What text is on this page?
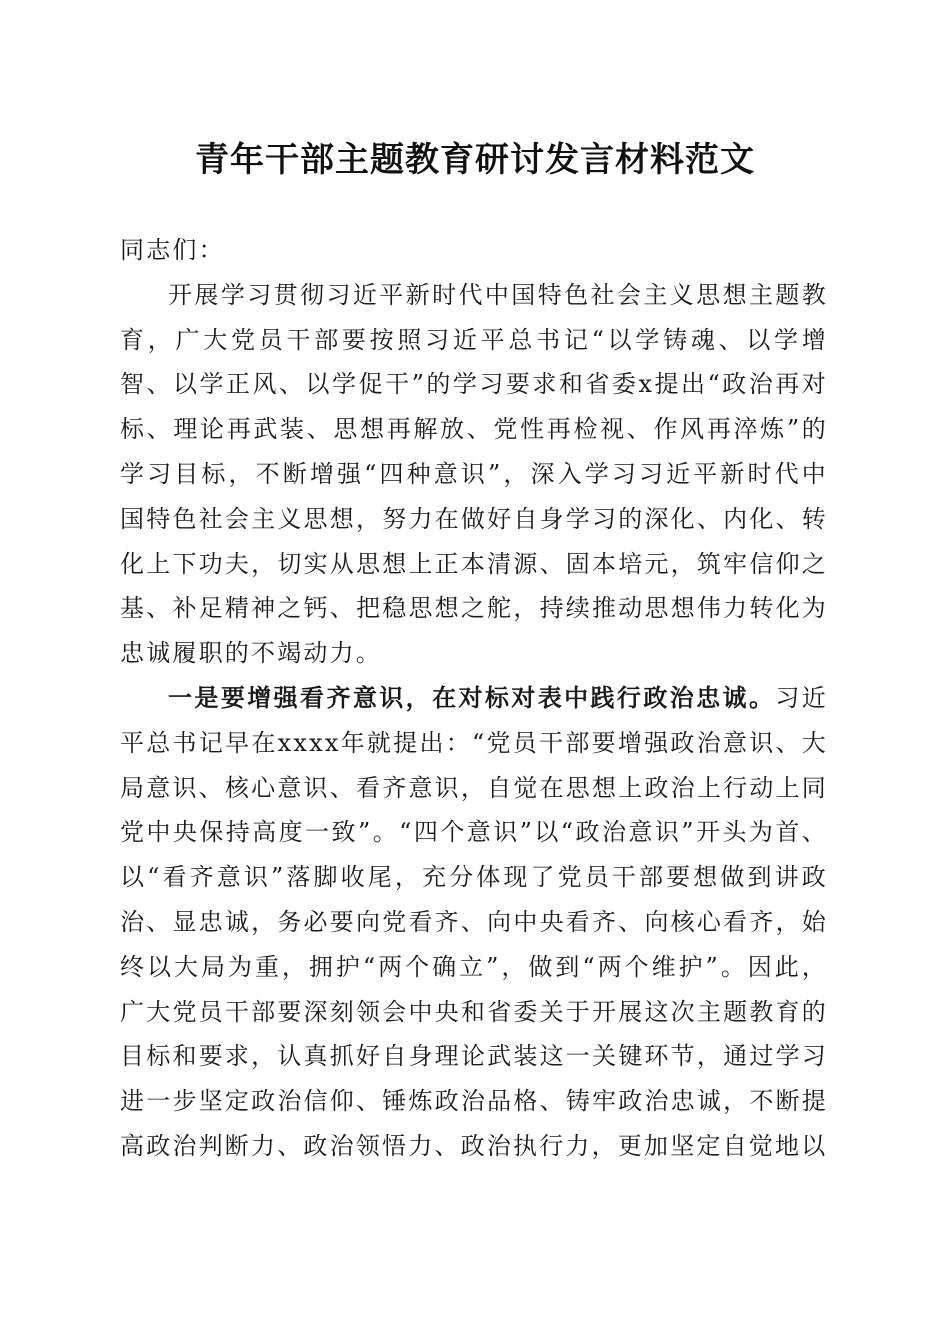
青年干部主题教育研讨发言材料范文

同志们：

开展学习贯彻习近平新时代中国特色社会主义思想主题教育，广大党员干部要按照习近平总书记“以学铸魂、以学增智、以学正风、以学促干”的学习要求和省委x提出“政治再对标、理论再武装、思想再解放、党性再检视、作风再淬炼”的学习目标，不断增强“四种意识”，深入学习习近平新时代中国特色社会主义思想，努力在做好自身学习的深化、内化、转化上下功夫，切实从思想上正本清源、固本培元，筑牢信仰之基、补足精神之钙、把稳思想之舵，持续推动思想伟力转化为忠诚履职的不竭动力。

一是要增强看齐意识，在对标对表中践行政治忠诚。习近平总书记早在xxxx年就提出：“党员干部要增强政治意识、大局意识、核心意识、看齐意识，自觉在思想上政治上行动上同党中央保持高度一致”。“四个意识”以“政治意识”开头为首、以“看齐意识”落脚收尾，充分体现了党员干部要想做到讲政治、显忠诚，务必要向党看齐、向中央看齐、向核心看齐，始终以大局为重，拥护“两个确立”，做到“两个维护”。因此，广大党员干部要深刻领会中央和省委关于开展这次主题教育的目标和要求，认真抓好自身理论武装这一关键环节，通过学习进一步坚定政治信仰、锤炼政治品格、铸牢政治忠诚，不断提高政治判断力、政治领悟力、政治执行力，更加坚定自觉地以
